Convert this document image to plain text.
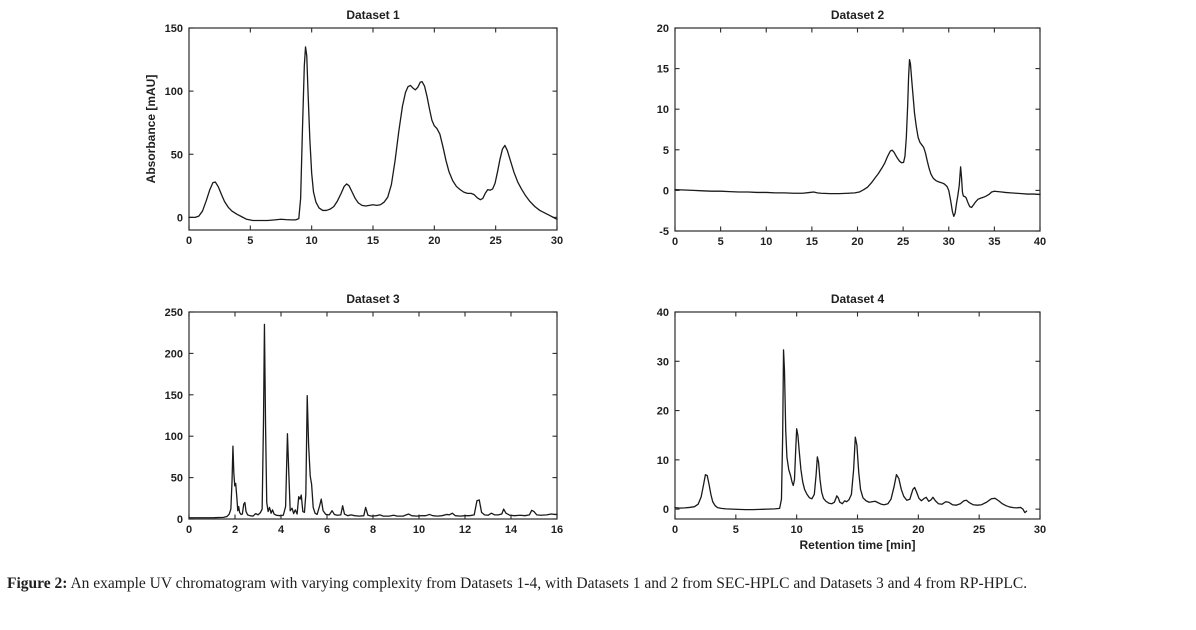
0	5	10	15	20	25	30
0
50
100
150
Dataset 1
Absorbance [mAU]
0	5	10	15	20	25	30	35	40
-5
0
5
10
15
20
Dataset 2
0	2	4	6	8	10	12	14	16
0
50
100
150
200
250
Dataset 3
0	5	10	15	20	25	30
0
10
20
30
40
Dataset 4
Retention time [min]

Figure 2: An example UV chromatogram with varying complexity from Datasets 1-4, with Datasets 1 and 2 from SEC-HPLC and Datasets 3 and 4 from RP-HPLC.
